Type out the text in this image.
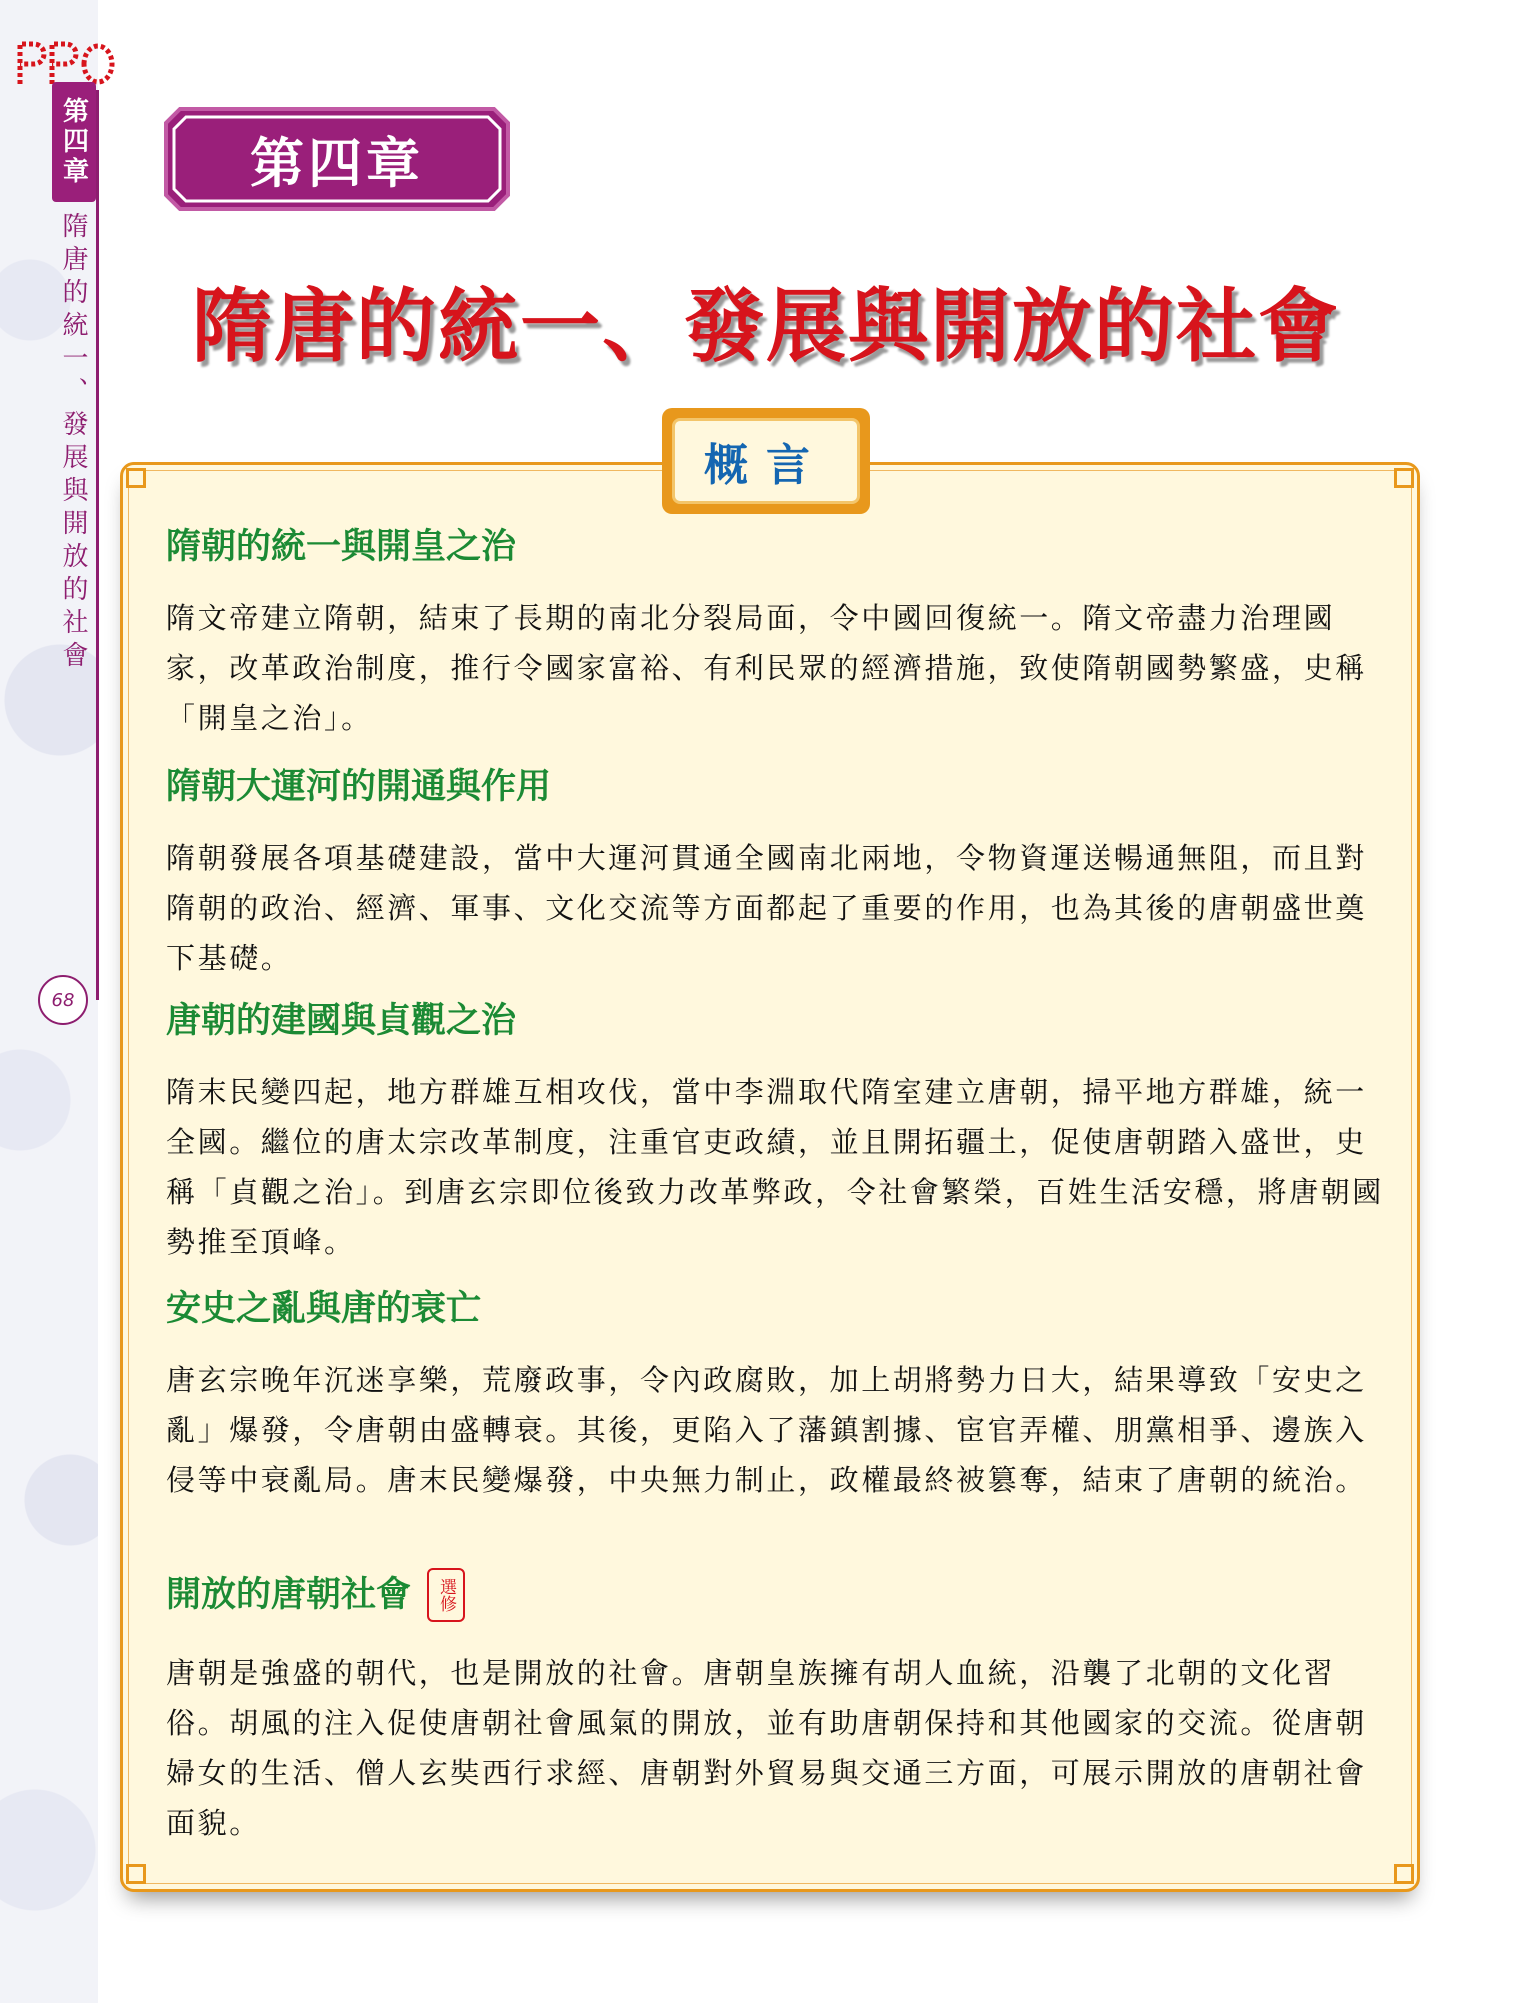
第四章
隋唐的統一、發展與開放的社會
68
第四章
隋唐的統一、發展與開放的社會
概言
隋朝的統一與開皇之治
隋文帝建立隋朝，結束了長期的南北分裂局面，令中國回復統一。隋文帝盡力治理國家，改革政治制度，推行令國家富裕、有利民眾的經濟措施，致使隋朝國勢繁盛，史稱「開皇之治」。
隋朝大運河的開通與作用
隋朝發展各項基礎建設，當中大運河貫通全國南北兩地，令物資運送暢通無阻，而且對隋朝的政治、經濟、軍事、文化交流等方面都起了重要的作用，也為其後的唐朝盛世奠下基礎。
唐朝的建國與貞觀之治
隋末民變四起，地方群雄互相攻伐，當中李淵取代隋室建立唐朝，掃平地方群雄，統一全國。繼位的唐太宗改革制度，注重官吏政績，並且開拓疆土，促使唐朝踏入盛世，史稱「貞觀之治」。到唐玄宗即位後致力改革弊政，令社會繁榮，百姓生活安穩，將唐朝國勢推至頂峰。
安史之亂與唐的衰亡
唐玄宗晚年沉迷享樂，荒廢政事，令內政腐敗，加上胡將勢力日大，結果導致「安史之亂」爆發，令唐朝由盛轉衰。其後，更陷入了藩鎮割據、宦官弄權、朋黨相爭、邊族入侵等中衰亂局。唐末民變爆發，中央無力制止，政權最終被篡奪，結束了唐朝的統治。
開放的唐朝社會	選修
唐朝是強盛的朝代，也是開放的社會。唐朝皇族擁有胡人血統，沿襲了北朝的文化習俗。胡風的注入促使唐朝社會風氣的開放，並有助唐朝保持和其他國家的交流。從唐朝婦女的生活、僧人玄奘西行求經、唐朝對外貿易與交通三方面，可展示開放的唐朝社會面貌。
